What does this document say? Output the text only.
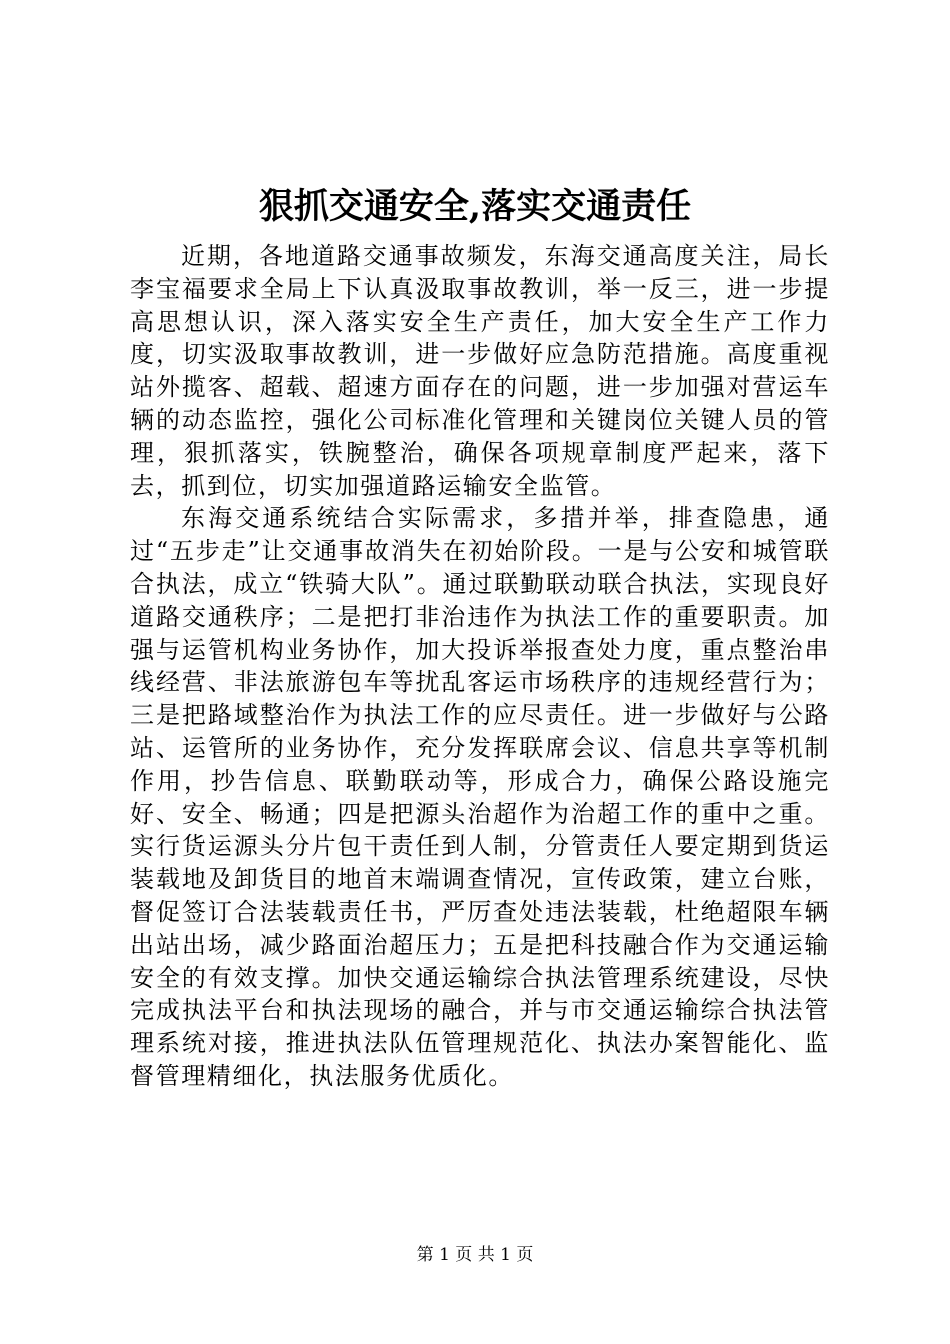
狠抓交通安全,落实交通责任

近期，各地道路交通事故频发，东海交通高度关注，局长李宝福要求全局上下认真汲取事故教训，举一反三，进一步提高思想认识，深入落实安全生产责任，加大安全生产工作力度，切实汲取事故教训，进一步做好应急防范措施。高度重视站外揽客、超载、超速方面存在的问题，进一步加强对营运车辆的动态监控，强化公司标准化管理和关键岗位关键人员的管理，狠抓落实，铁腕整治，确保各项规章制度严起来，落下去，抓到位，切实加强道路运输安全监管。

东海交通系统结合实际需求，多措并举，排查隐患，通过“五步走”让交通事故消失在初始阶段。一是与公安和城管联合执法，成立“铁骑大队”。通过联勤联动联合执法，实现良好道路交通秩序；二是把打非治违作为执法工作的重要职责。加强与运管机构业务协作，加大投诉举报查处力度，重点整治串线经营、非法旅游包车等扰乱客运市场秩序的违规经营行为；三是把路域整治作为执法工作的应尽责任。进一步做好与公路站、运管所的业务协作，充分发挥联席会议、信息共享等机制作用，抄告信息、联勤联动等，形成合力，确保公路设施完好、安全、畅通；四是把源头治超作为治超工作的重中之重。实行货运源头分片包干责任到人制，分管责任人要定期到货运装载地及卸货目的地首末端调查情况，宣传政策，建立台账，督促签订合法装载责任书，严厉查处违法装载，杜绝超限车辆出站出场，减少路面治超压力；五是把科技融合作为交通运输安全的有效支撑。加快交通运输综合执法管理系统建设，尽快完成执法平台和执法现场的融合，并与市交通运输综合执法管理系统对接，推进执法队伍管理规范化、执法办案智能化、监督管理精细化，执法服务优质化。

第 1 页 共 1 页
